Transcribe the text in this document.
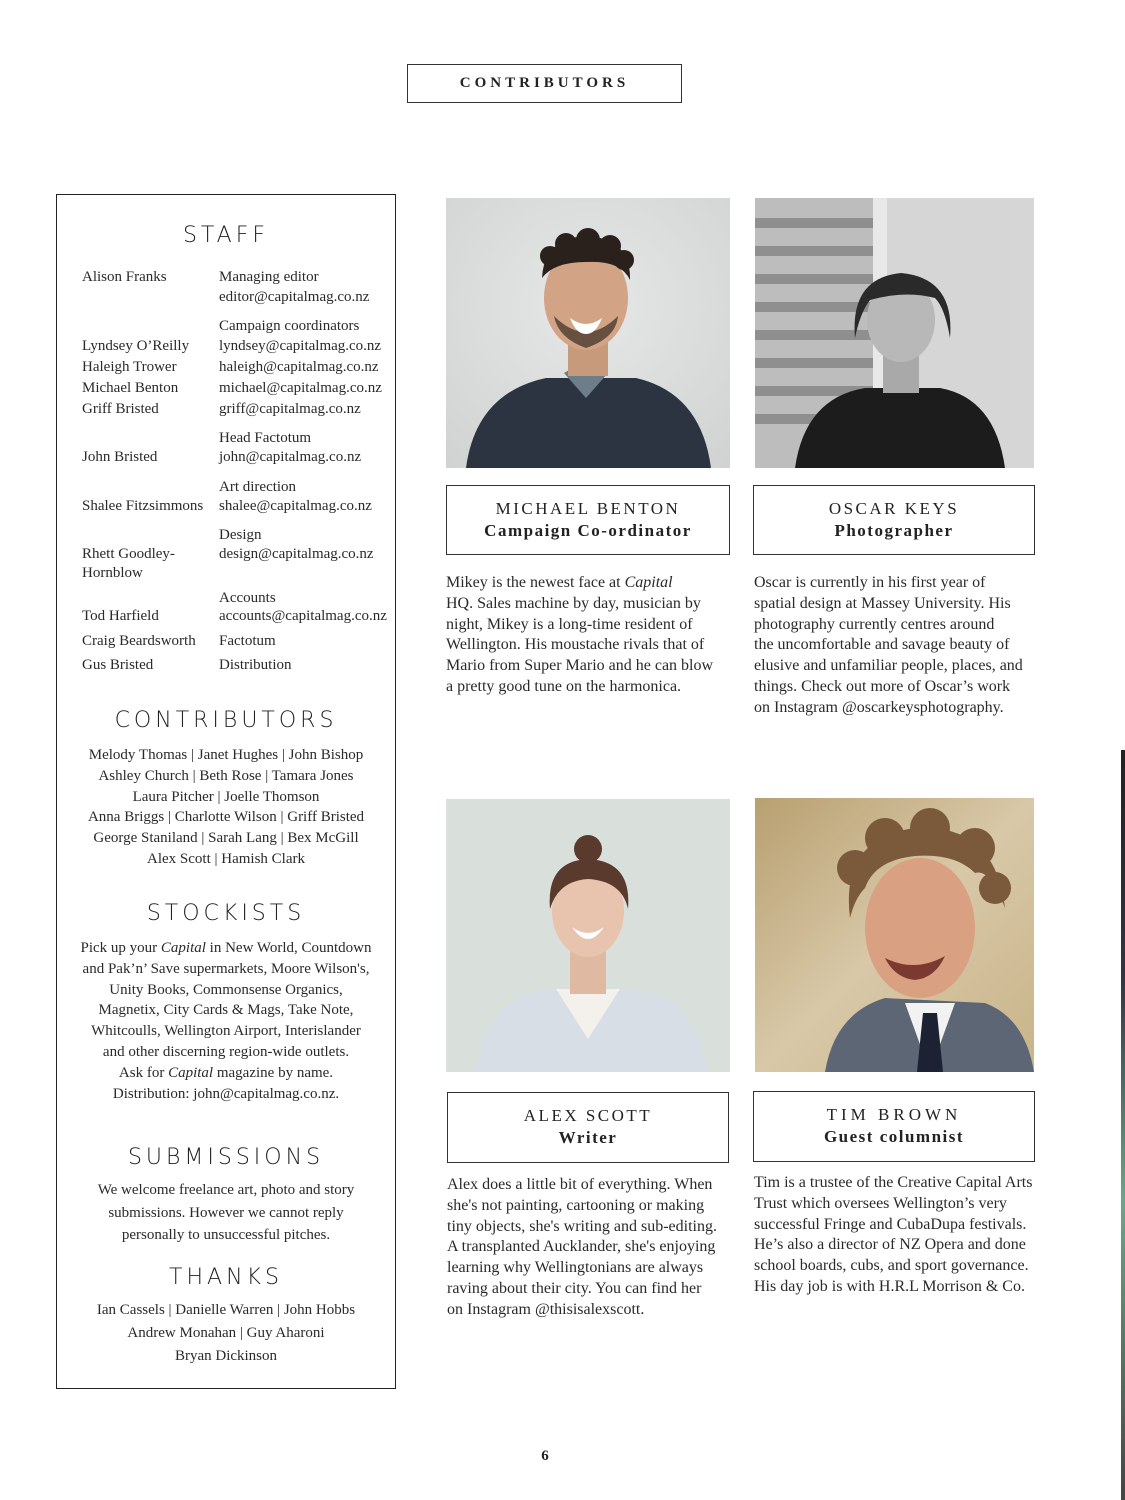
CONTRIBUTORS
STAFF
Alison Franks	Managing editor
editor@capitalmag.co.nz
Campaign coordinators
Lyndsey O’Reilly lyndsey@capitalmag.co.nz
Haleigh Trower	haleigh@capitalmag.co.nz
Michael Benton	michael@capitalmag.co.nz
Griff Bristed	griff@capitalmag.co.nz
Head Factotum
John Bristed	john@capitalmag.co.nz
Art direction
Shalee Fitzsimmons shalee@capitalmag.co.nz
Design
Rhett Goodley-	design@capitalmag.co.nz
Hornblow
Accounts
Tod Harfield	accounts@capitalmag.co.nz
Craig Beardsworth Factotum
Gus Bristed	Distribution
CONTRIBUTORS
Melody Thomas | Janet Hughes | John Bishop
Ashley Church | Beth Rose | Tamara Jones
Laura Pitcher | Joelle Thomson
Anna Briggs | Charlotte Wilson | Griff Bristed
George Staniland | Sarah Lang | Bex McGill
Alex Scott | Hamish Clark
STOCKISTS
Pick up your Capital in New World, Countdown
and Pak’n’ Save supermarkets, Moore Wilson's,
Unity Books, Commonsense Organics,
Magnetix, City Cards & Mags, Take Note,
Whitcoulls, Wellington Airport, Interislander
and other discerning region-wide outlets.
Ask for Capital magazine by name.
Distribution: john@capitalmag.co.nz.
SUBMISSIONS
We welcome freelance art, photo and story
submissions. However we cannot reply
personally to unsuccessful pitches.
THANKS
Ian Cassels | Danielle Warren | John Hobbs
Andrew Monahan | Guy Aharoni
Bryan Dickinson
MICHAEL BENTON
Campaign Co-ordinator
OSCAR KEYS
Photographer
Mikey is the newest face at Capital
HQ. Sales machine by day, musician by
night, Mikey is a long-time resident of
Wellington. His moustache rivals that of
Mario from Super Mario and he can blow
a pretty good tune on the harmonica.
Oscar is currently in his first year of
spatial design at Massey University. His
photography currently centres around
the uncomfortable and savage beauty of
elusive and unfamiliar people, places, and
things. Check out more of Oscar’s work
on Instagram @oscarkeysphotography.
ALEX SCOTT
Writer
TIM BROWN
Guest columnist
Alex does a little bit of everything. When
she's not painting, cartooning or making
tiny objects, she's writing and sub-editing.
A transplanted Aucklander, she's enjoying
learning why Wellingtonians are always
raving about their city. You can find her
on Instagram @thisisalexscott.
Tim is a trustee of the Creative Capital Arts
Trust which oversees Wellington’s very
successful Fringe and CubaDupa festivals.
He’s also a director of NZ Opera and done
school boards, cubs, and sport governance.
His day job is with H.R.L Morrison & Co.
6
